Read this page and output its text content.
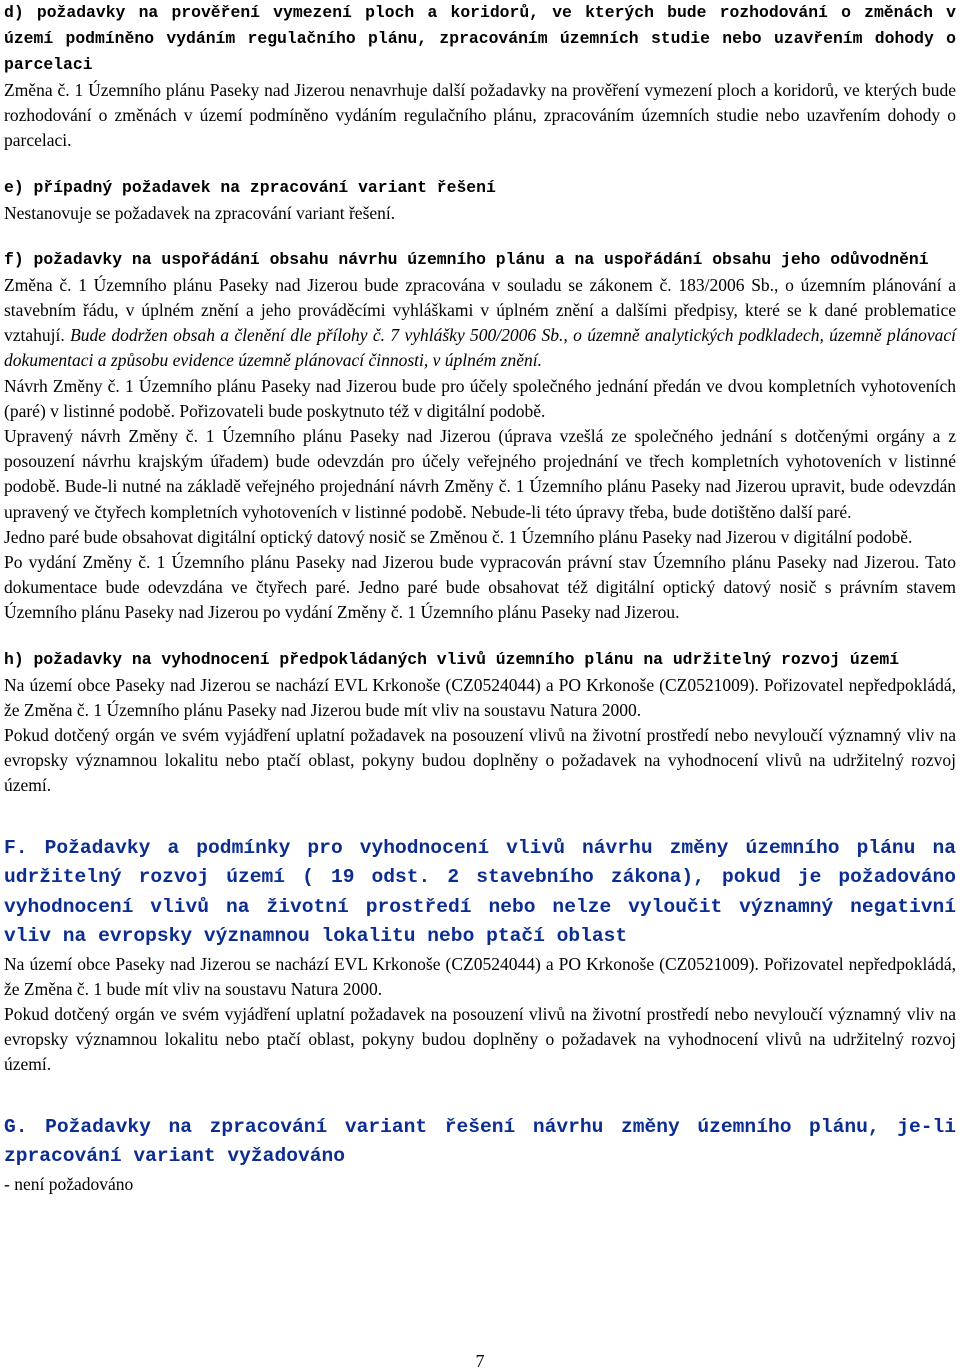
d) požadavky na prověření vymezení ploch a koridorů, ve kterých bude rozhodování o změnách v území podmíněno vydáním regulačního plánu, zpracováním územních studie nebo uzavřením dohody o parcelaci

Změna č. 1 Územního plánu Paseky nad Jizerou nenavrhuje další požadavky na prověření vymezení ploch a koridorů, ve kterých bude rozhodování o změnách v území podmíněno vydáním regulačního plánu, zpracováním územních studie nebo uzavřením dohody o parcelaci.

e) případný požadavek na zpracování variant řešení

Nestanovuje se požadavek na zpracování variant řešení.

f) požadavky na uspořádání obsahu návrhu územního plánu a na uspořádání obsahu jeho odůvodnění

Změna č. 1 Územního plánu Paseky nad Jizerou bude zpracována v souladu se zákonem č. 183/2006 Sb., o územním plánování a stavebním řádu, v úplném znění a jeho prováděcími vyhláškami v úplném znění a dalšími předpisy, které se k dané problematice vztahují. Bude dodržen obsah a členění dle přílohy č. 7 vyhlášky 500/2006 Sb., o územně analytických podkladech, územně plánovací dokumentaci a způsobu evidence územně plánovací činnosti, v úplném znění.

Návrh Změny č. 1 Územního plánu Paseky nad Jizerou bude pro účely společného jednání předán ve dvou kompletních vyhotoveních (paré) v listinné podobě. Pořizovateli bude poskytnuto též v digitální podobě.

Upravený návrh Změny č. 1 Územního plánu Paseky nad Jizerou (úprava vzešlá ze společného jednání s dotčenými orgány a z posouzení návrhu krajským úřadem) bude odevzdán pro účely veřejného projednání ve třech kompletních vyhotoveních v listinné podobě. Bude-li nutné na základě veřejného projednání návrh Změny č. 1 Územního plánu Paseky nad Jizerou upravit, bude odevzdán upravený ve čtyřech kompletních vyhotoveních v listinné podobě. Nebude-li této úpravy třeba, bude dotištěno další paré.

Jedno paré bude obsahovat digitální optický datový nosič se Změnou č. 1 Územního plánu Paseky nad Jizerou v digitální podobě.

Po vydání Změny č. 1 Územního plánu Paseky nad Jizerou bude vypracován právní stav Územního plánu Paseky nad Jizerou. Tato dokumentace bude odevzdána ve čtyřech paré. Jedno paré bude obsahovat též digitální optický datový nosič s právním stavem Územního plánu Paseky nad Jizerou po vydání Změny č. 1 Územního plánu Paseky nad Jizerou.

h) požadavky na vyhodnocení předpokládaných vlivů územního plánu na udržitelný rozvoj území

Na území obce Paseky nad Jizerou se nachází EVL Krkonoše (CZ0524044) a PO Krkonoše (CZ0521009). Pořizovatel nepředpokládá, že Změna č. 1 Územního plánu Paseky nad Jizerou bude mít vliv na soustavu Natura 2000.

Pokud dotčený orgán ve svém vyjádření uplatní požadavek na posouzení vlivů na životní prostředí nebo nevyloučí významný vliv na evropsky významnou lokalitu nebo ptačí oblast, pokyny budou doplněny o požadavek na vyhodnocení vlivů na udržitelný rozvoj území.

F. Požadavky a podmínky pro vyhodnocení vlivů návrhu změny územního plánu na udržitelný rozvoj území ( 19 odst. 2 stavebního zákona), pokud je požadováno vyhodnocení vlivů na životní prostředí nebo nelze vyloučit významný negativní vliv na evropsky významnou lokalitu nebo ptačí oblast

Na území obce Paseky nad Jizerou se nachází EVL Krkonoše (CZ0524044) a PO Krkonoše (CZ0521009). Pořizovatel nepředpokládá, že Změna č. 1 bude mít vliv na soustavu Natura 2000.

Pokud dotčený orgán ve svém vyjádření uplatní požadavek na posouzení vlivů na životní prostředí nebo nevyloučí významný vliv na evropsky významnou lokalitu nebo ptačí oblast, pokyny budou doplněny o požadavek na vyhodnocení vlivů na udržitelný rozvoj území.

G. Požadavky na zpracování variant řešení návrhu změny územního plánu, je-li zpracování variant vyžadováno

- není požadováno

7
